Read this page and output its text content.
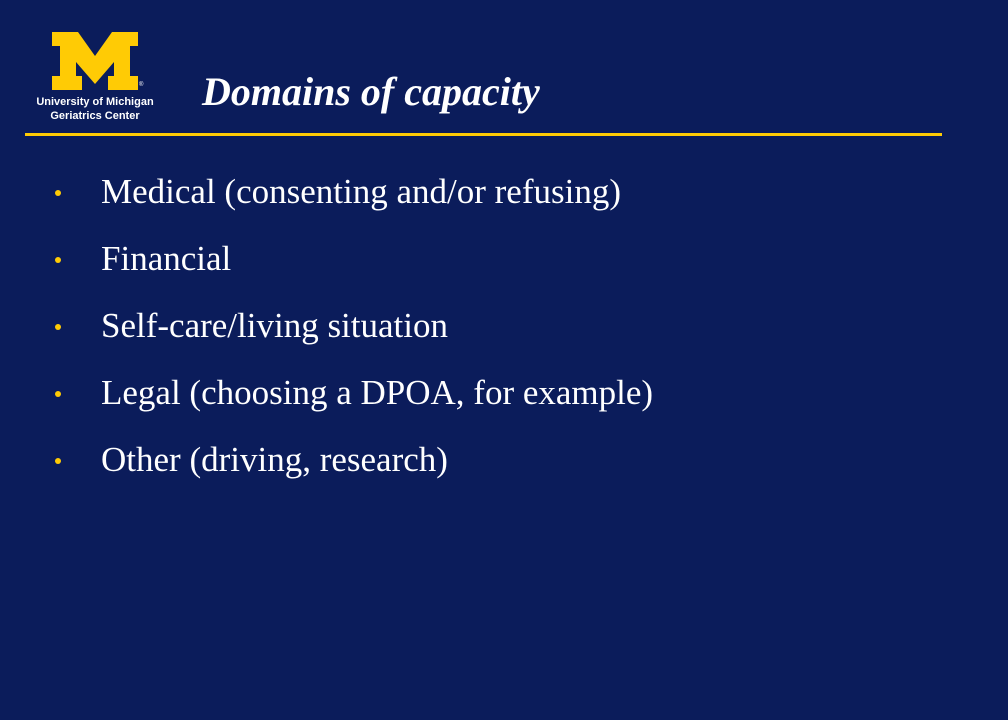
®
University of Michigan
Geriatrics Center
Domains of capacity
Medical (consenting and/or refusing)
Financial
Self-care/living situation
Legal (choosing a DPOA, for example)
Other (driving, research)
